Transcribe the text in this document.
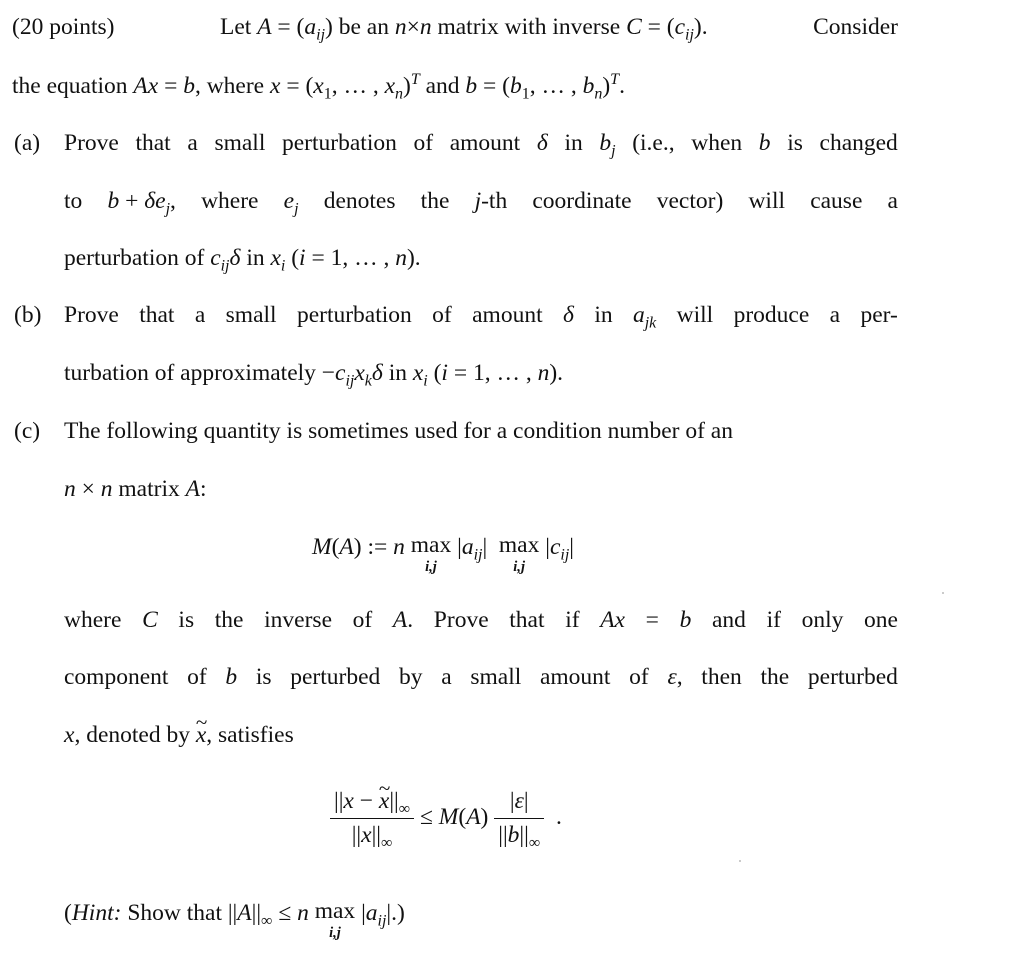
(20 points)	Let $A = (a_{ij})$ be an n×n matrix with inverse $C = (c_{ij})$.	Consider
the equation Ax = b, where $x = (x_1$, … , $x_n)^T$ and $b = (b_1$, … , $b_n)^T$.
(a) Prove that a small perturbation of amount δ in $b_j$ (i.e., when b is changed
to $b + \delta e_j$, where $e_j$ denotes the j-th coordinate vector) will cause a
perturbation of $c_{ij}\delta$ in $x_i$ (i = 1, … , n).
(b) Prove that a small perturbation of amount δ in $a_{jk}$ will produce a per-
turbation of approximately $-c_{ij}x_k\delta$ in $x_i$ (i = 1, … , n).
(c) The following quantity is sometimes used for a condition number of an
n × n matrix A:
M(A) := n max
i,j
$|a_{ij}|$  max
i,j
$|c_{ij}|$
where C is the inverse of A. Prove that if Ax = b and if only one
component of b is perturbed by a small amount of ε, then the perturbed
x, denoted by ~ x, satisfies
$\frac{||x - \sim x||_\infty}{||x||_\infty} \le M(A) \frac{|\varepsilon|}{||b||_\infty}$ .
(Hint: Show that $||A||_\infty \le n$ max
i,j
$|a_{ij}|$.)
